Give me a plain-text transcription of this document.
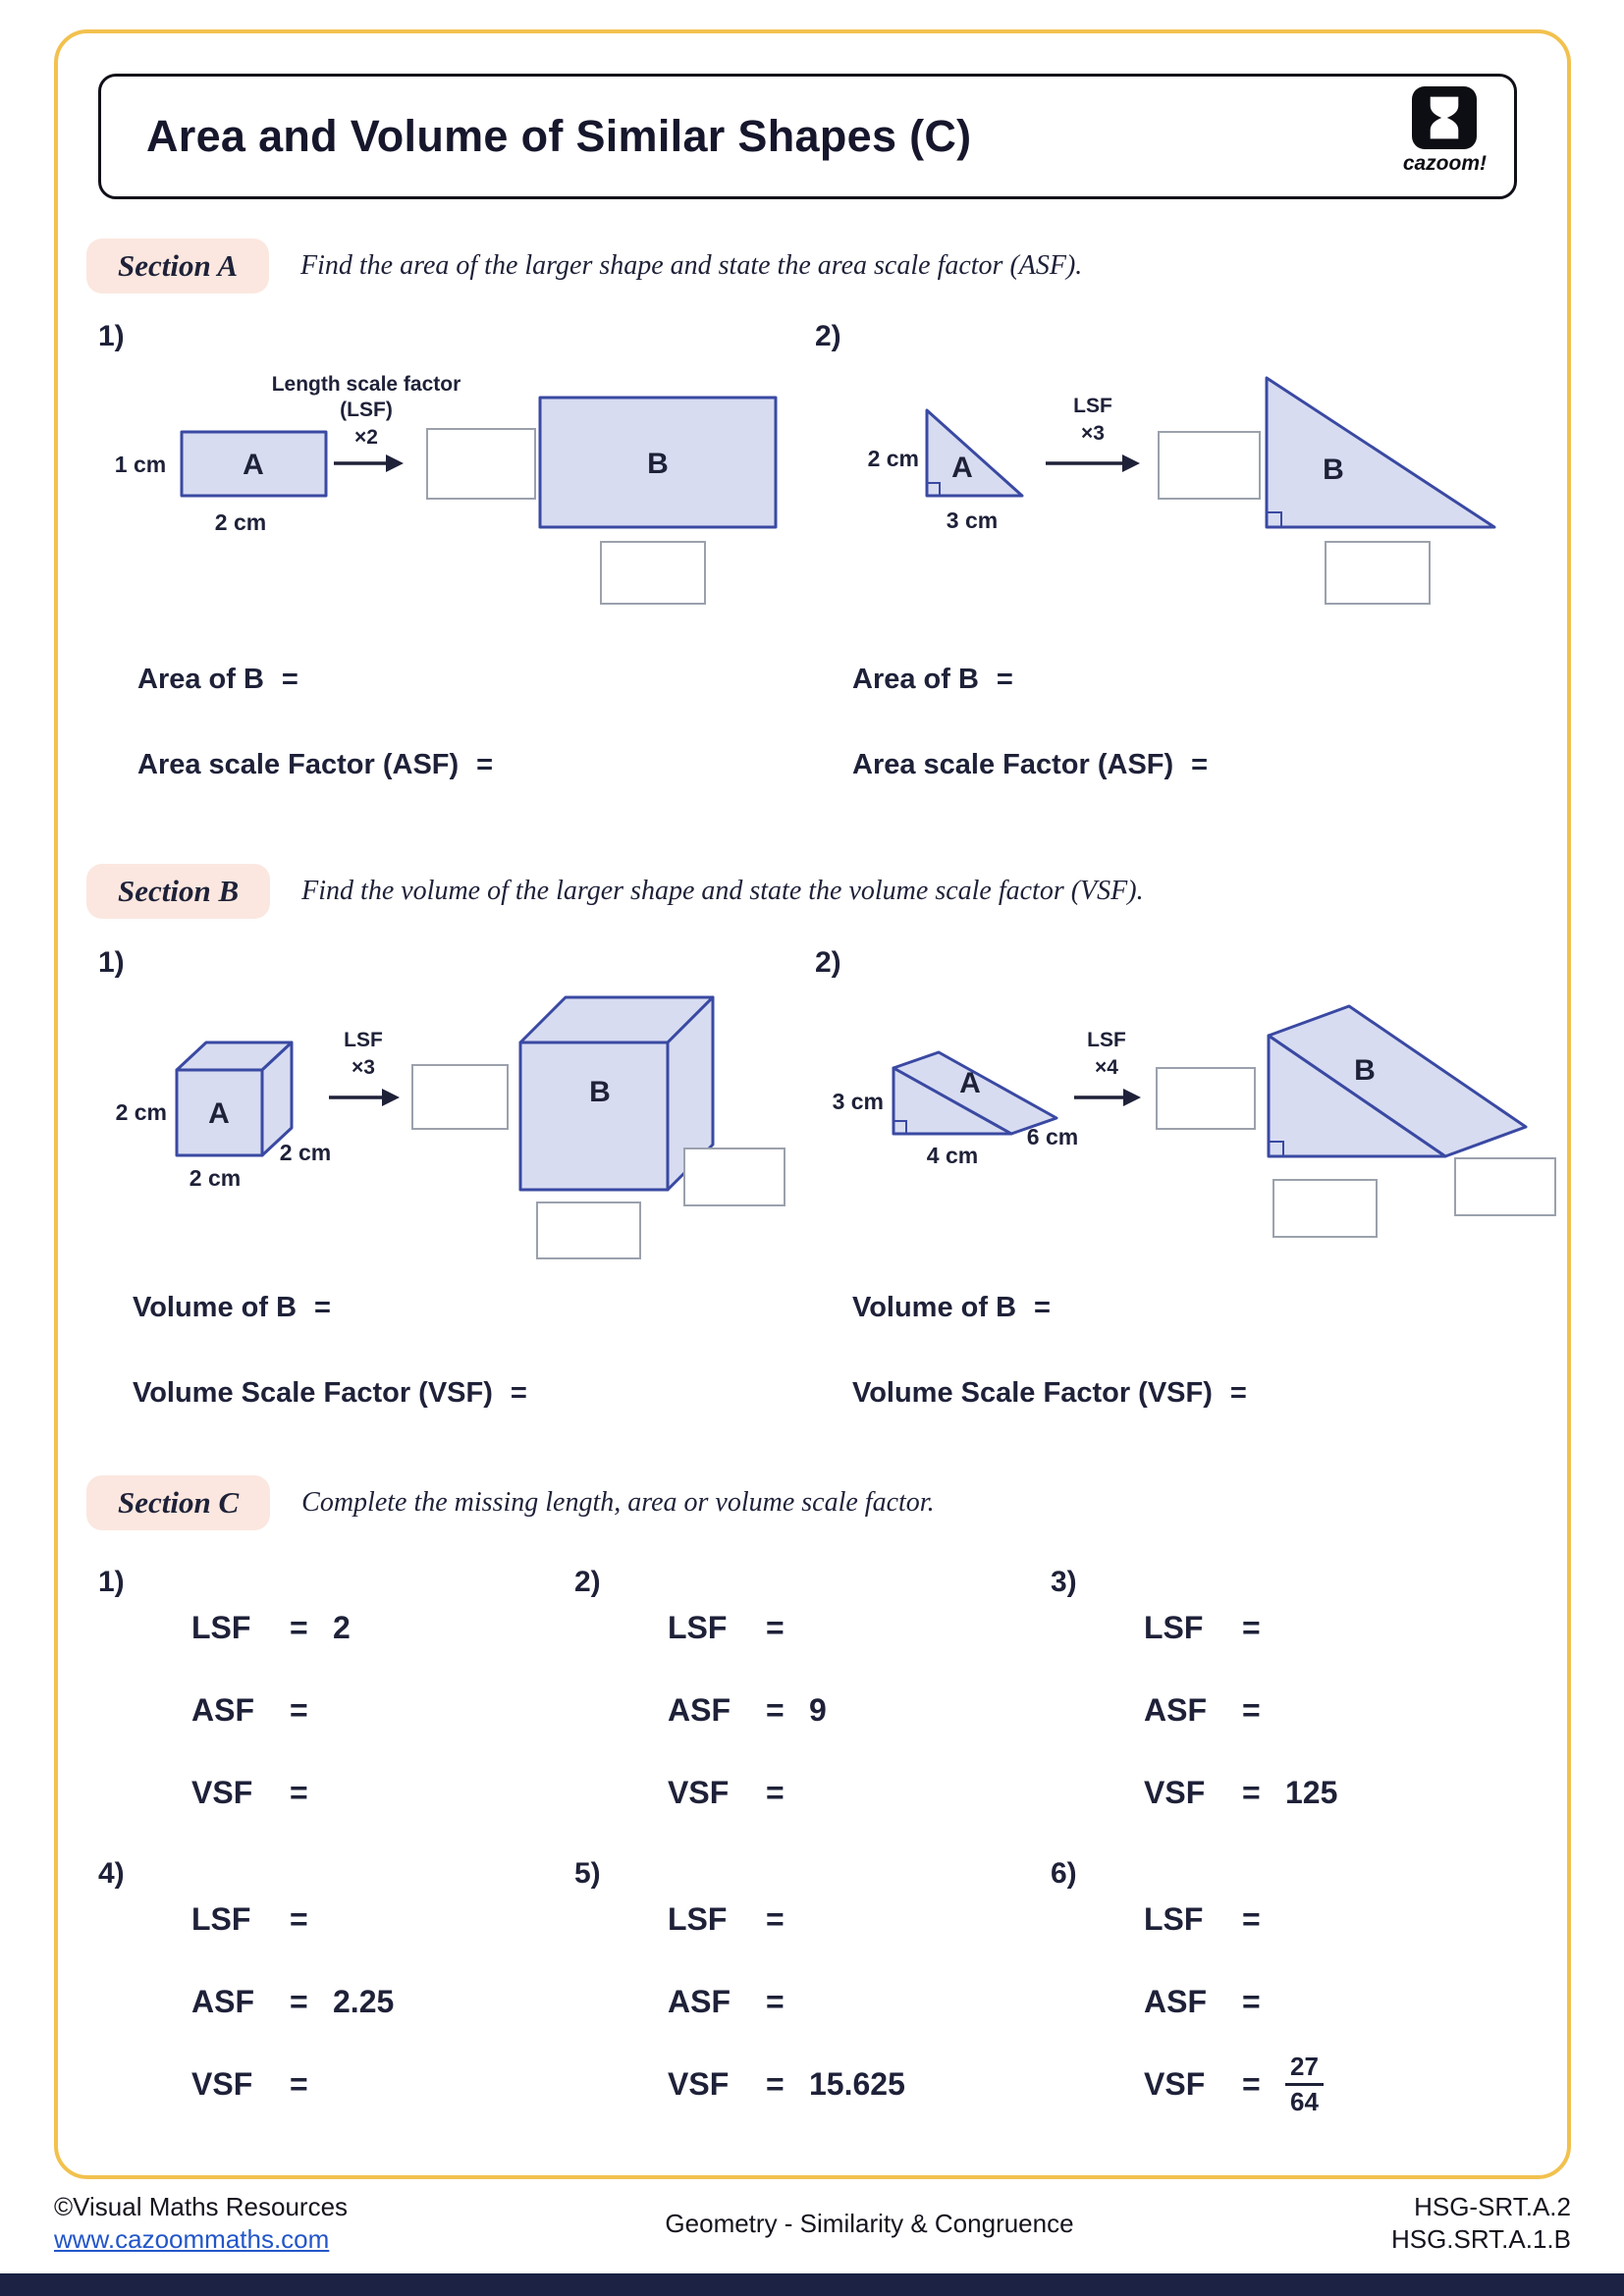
Area and Volume of Similar Shapes (C)
cazoom!
Section A	Find the area of the larger shape and state the area scale factor (ASF).
1)	2)
Length scale factor
(LSF)
×2
A
1 cm
2 cm
B
LSF
×3
A
2 cm
3 cm
B
Area of B =
Area scale Factor (ASF) =
Area of B =
Area scale Factor (ASF) =
Section B	Find the volume of the larger shape and state the volume scale factor (VSF).
1)	2)
LSF
×3
A
2 cm
2 cm
2 cm
B
LSF
×4
A
3 cm
4 cm
6 cm
B
Volume of B =
Volume Scale Factor (VSF) =
Volume of B =
Volume Scale Factor (VSF) =
Section C	Complete the missing length, area or volume scale factor.
1)
LSF	= 2
ASF	=
VSF	=
2)
LSF	=
ASF	= 9
VSF	=
3)
LSF	=
ASF	=
VSF	= 125
4)
LSF	=
ASF	= 2.25
VSF	=
5)
LSF	=
ASF	=
VSF	= 15.625
6)
LSF	=
ASF	=
VSF	= $\frac{27}{64}$
©Visual Maths Resources
www.cazoommaths.com
Geometry - Similarity & Congruence
HSG-SRT.A.2
HSG.SRT.A.1.B
